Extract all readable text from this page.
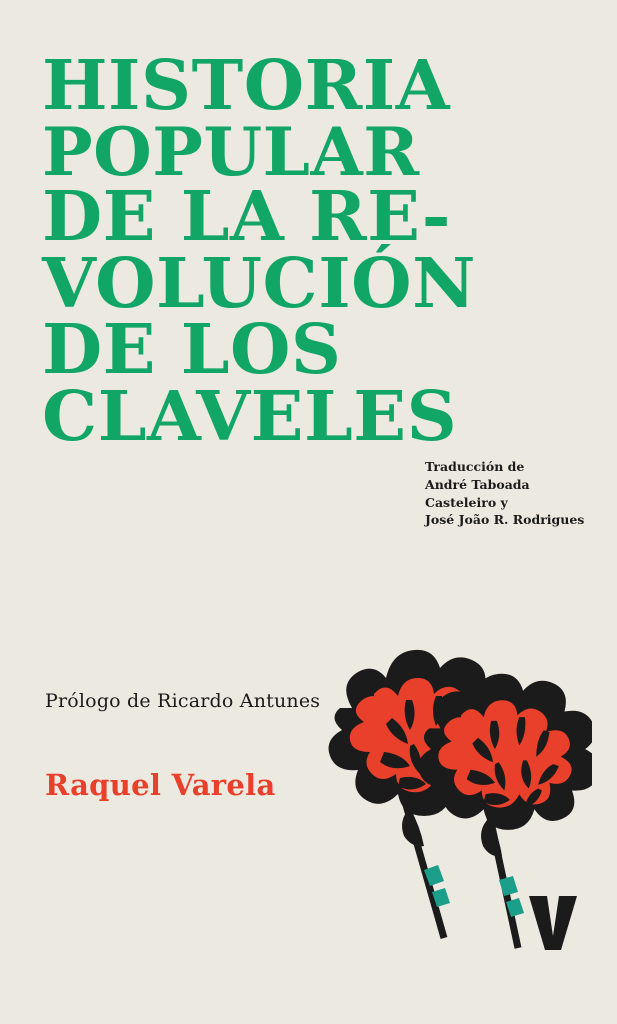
HISTORIA
POPULAR
DE LA RE-
VOLUCIÓN
DE LOS
CLAVELES
Traducción de
André Taboada
Casteleiro y
José João R. Rodrigues
Prólogo de Ricardo Antunes
Raquel Varela
